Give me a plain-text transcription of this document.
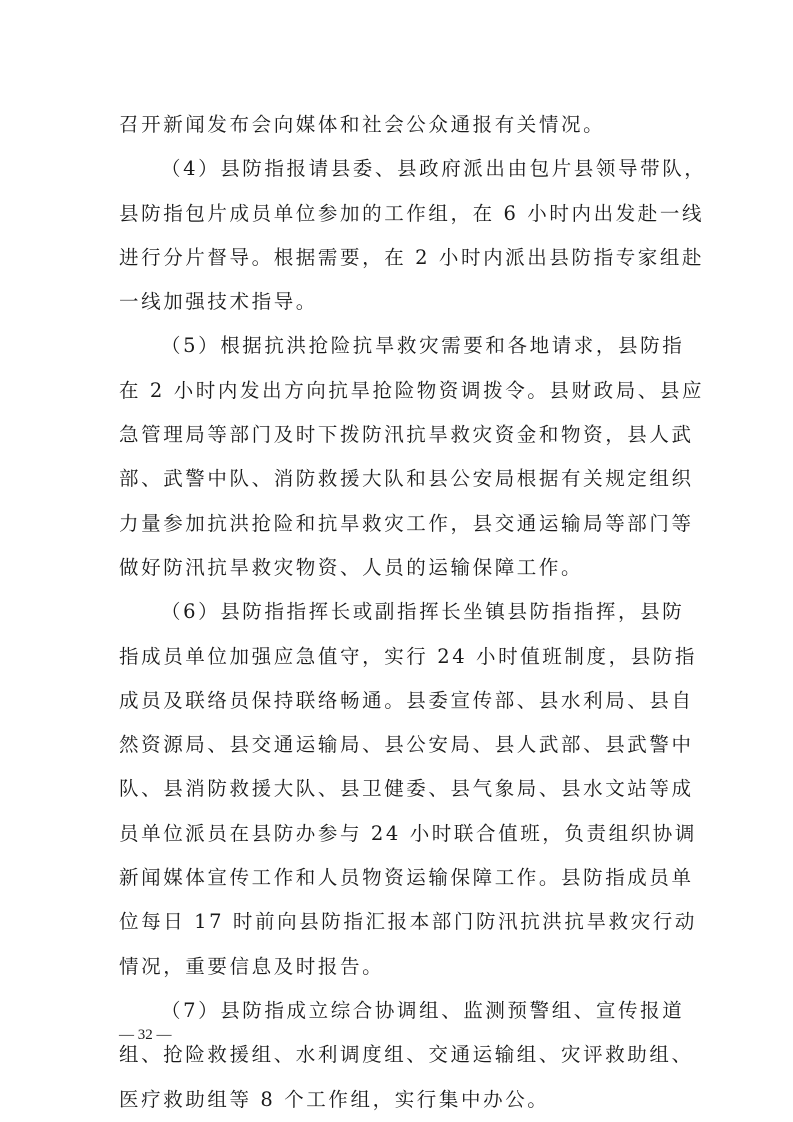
召开新闻发布会向媒体和社会公众通报有关情况。
（4）县防指报请县委、县政府派出由包片县领导带队，
县防指包片成员单位参加的工作组，在 6 小时内出发赴一线
进行分片督导。根据需要，在 2 小时内派出县防指专家组赴
一线加强技术指导。
（5）根据抗洪抢险抗旱救灾需要和各地请求，县防指
在 2 小时内发出方向抗旱抢险物资调拨令。县财政局、县应
急管理局等部门及时下拨防汛抗旱救灾资金和物资，县人武
部、武警中队、消防救援大队和县公安局根据有关规定组织
力量参加抗洪抢险和抗旱救灾工作，县交通运输局等部门等
做好防汛抗旱救灾物资、人员的运输保障工作。
（6）县防指指挥长或副指挥长坐镇县防指指挥，县防
指成员单位加强应急值守，实行 24 小时值班制度，县防指
成员及联络员保持联络畅通。县委宣传部、县水利局、县自
然资源局、县交通运输局、县公安局、县人武部、县武警中
队、县消防救援大队、县卫健委、县气象局、县水文站等成
员单位派员在县防办参与 24 小时联合值班，负责组织协调
新闻媒体宣传工作和人员物资运输保障工作。县防指成员单
位每日 17 时前向县防指汇报本部门防汛抗洪抗旱救灾行动
情况，重要信息及时报告。
（7）县防指成立综合协调组、监测预警组、宣传报道
组、抢险救援组、水利调度组、交通运输组、灾评救助组、
医疗救助组等 8 个工作组，实行集中办公。
— 32 —
